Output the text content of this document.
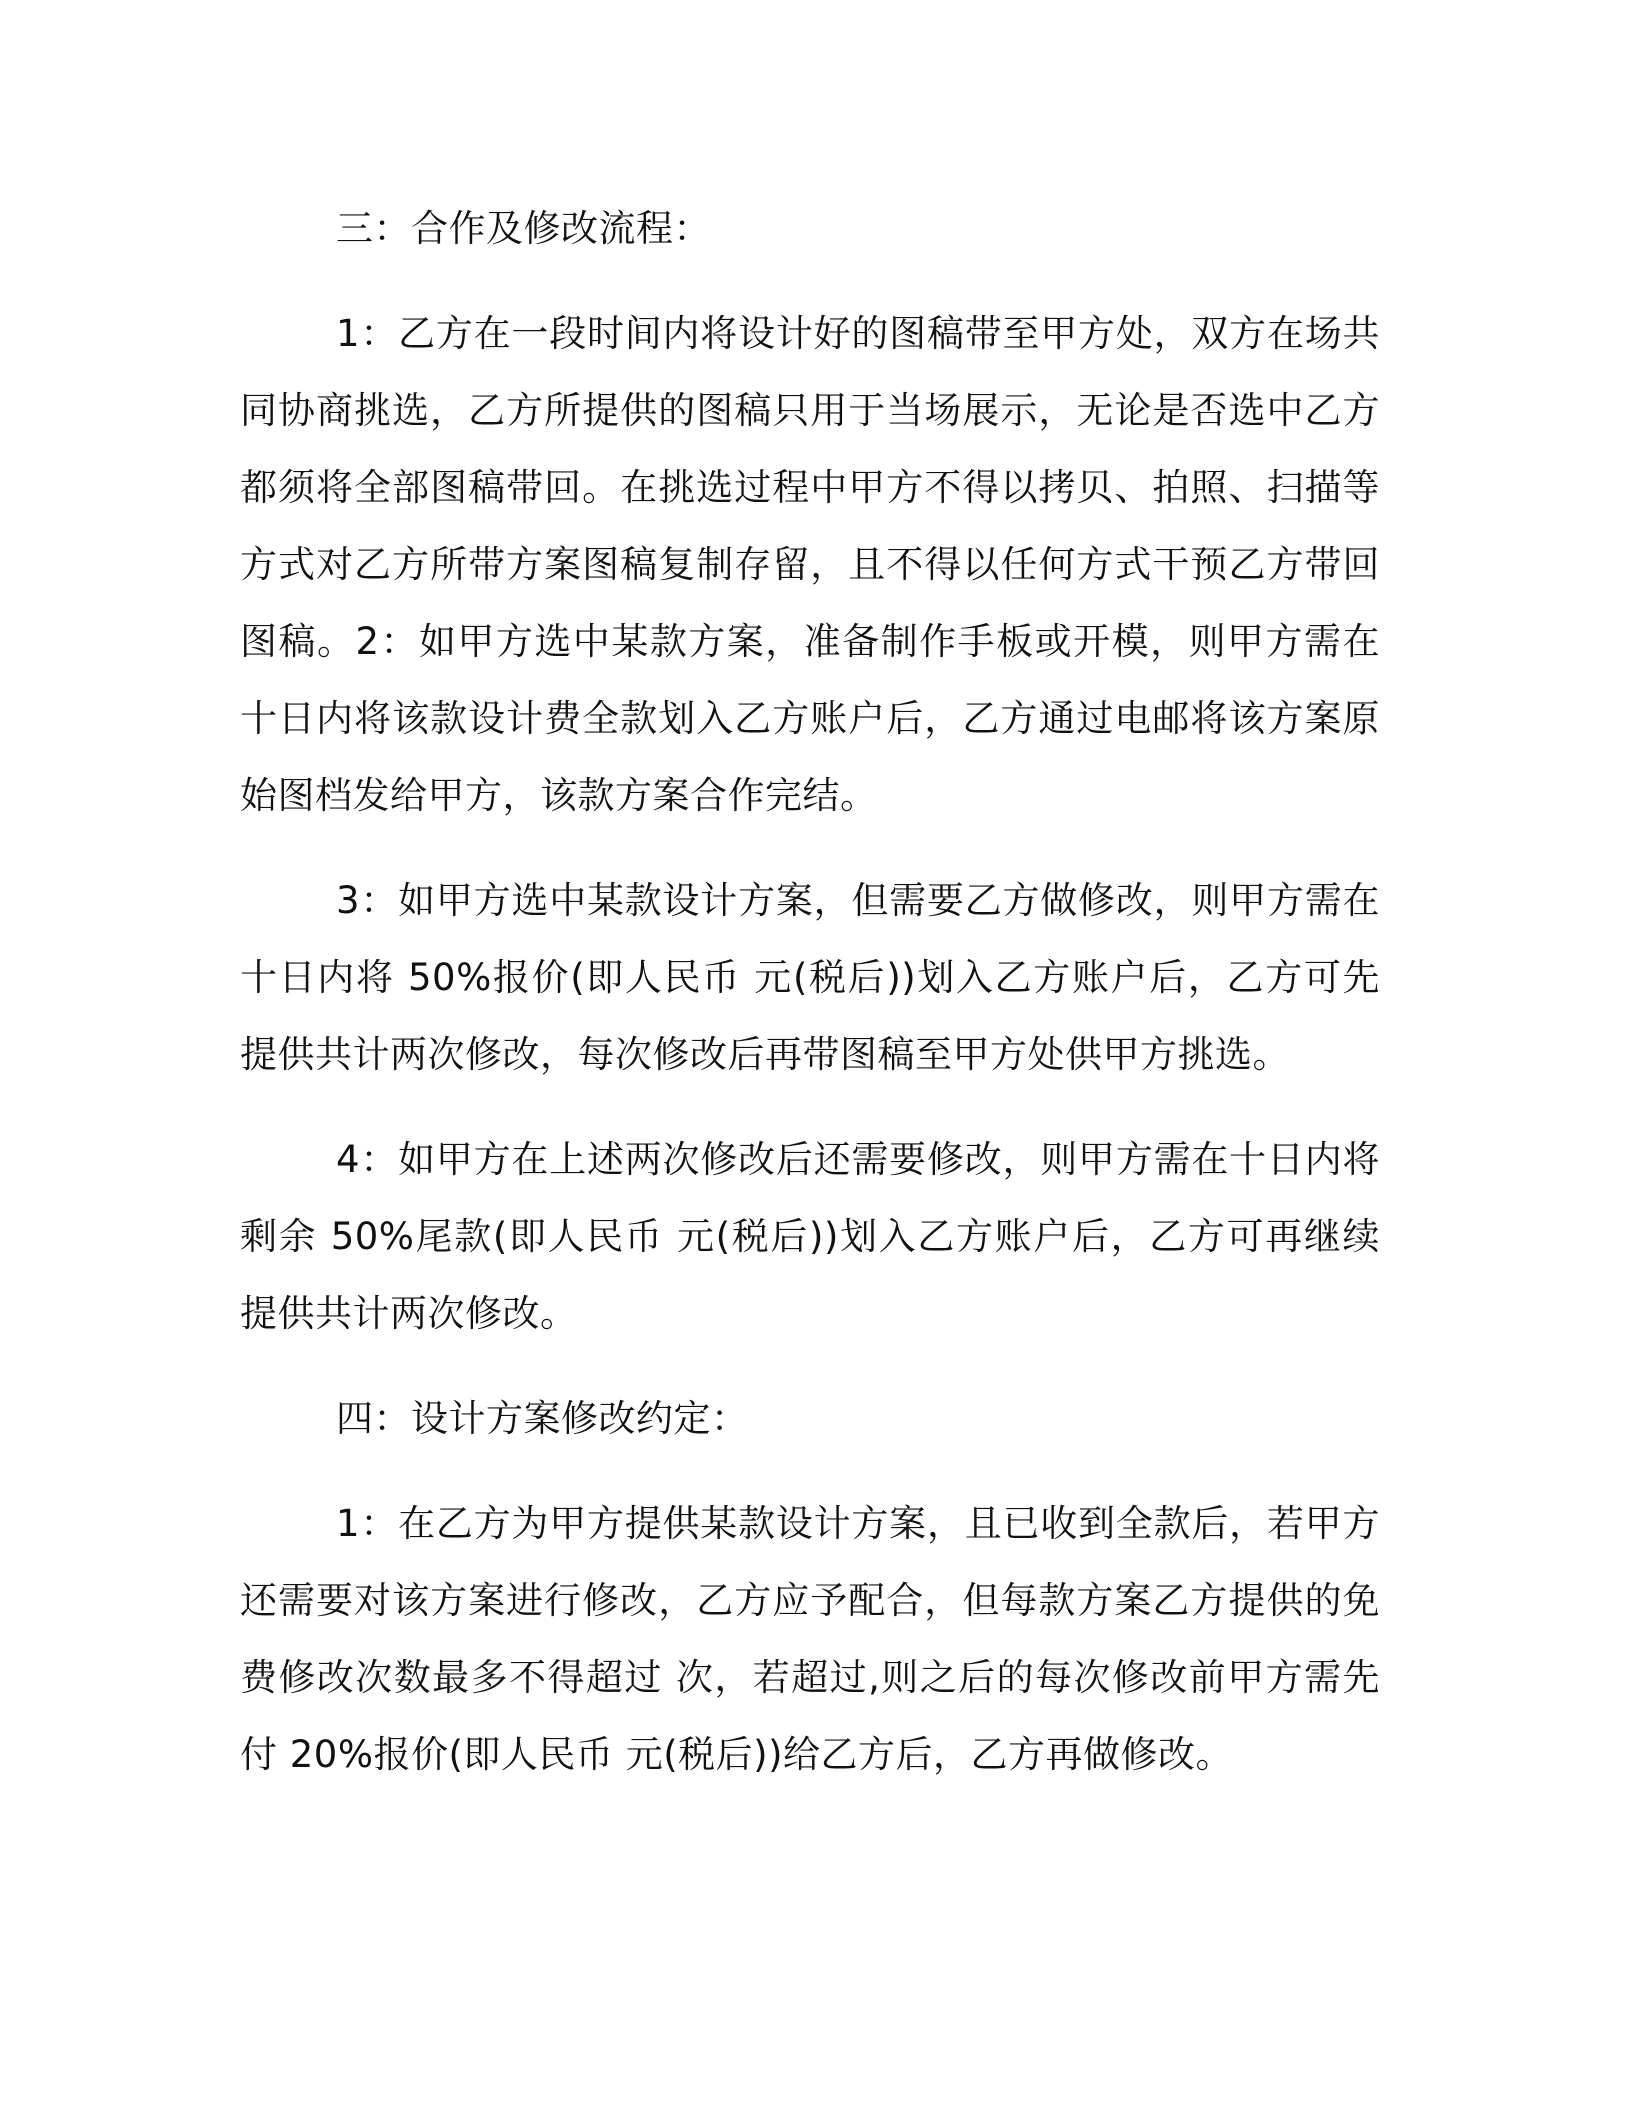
三：合作及修改流程：

1：乙方在一段时间内将设计好的图稿带至甲方处，双方在场共同协商挑选，乙方所提供的图稿只用于当场展示，无论是否选中乙方都须将全部图稿带回。在挑选过程中甲方不得以拷贝、拍照、扫描等方式对乙方所带方案图稿复制存留，且不得以任何方式干预乙方带回图稿。2：如甲方选中某款方案，准备制作手板或开模，则甲方需在十日内将该款设计费全款划入乙方账户后，乙方通过电邮将该方案原始图档发给甲方，该款方案合作完结。

3：如甲方选中某款设计方案，但需要乙方做修改，则甲方需在十日内将 50%报价(即人民币 元(税后))划入乙方账户后，乙方可先提供共计两次修改，每次修改后再带图稿至甲方处供甲方挑选。

4：如甲方在上述两次修改后还需要修改，则甲方需在十日内将剩余 50%尾款(即人民币 元(税后))划入乙方账户后，乙方可再继续提供共计两次修改。

四：设计方案修改约定：

1：在乙方为甲方提供某款设计方案，且已收到全款后，若甲方还需要对该方案进行修改，乙方应予配合，但每款方案乙方提供的免费修改次数最多不得超过 次，若超过,则之后的每次修改前甲方需先付 20%报价(即人民币 元(税后))给乙方后，乙方再做修改。
